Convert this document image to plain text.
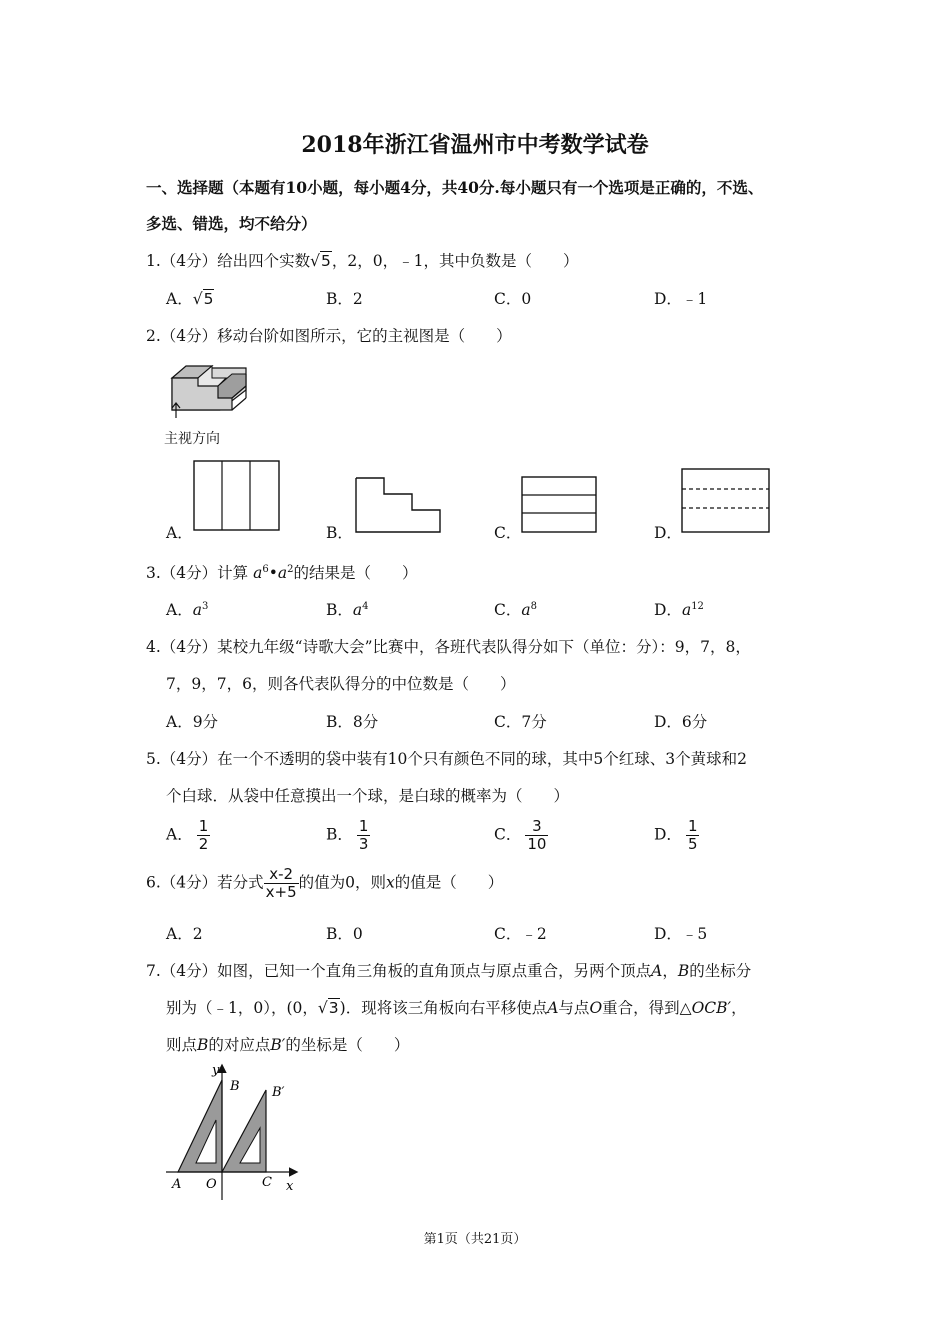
2018年浙江省温州市中考数学试卷
一、选择题（本题有10小题，每小题4分，共40分.每小题只有一个选项是正确的，不选、
多选、错选，均不给分）
1.（4分）给出四个实数√5，2，0，﹣1，其中负数是（　　）
A．√5	B．2	C．0	D．﹣1
2.（4分）移动台阶如图所示，它的主视图是（　　）
主视方向
A．	B．	C．	D．
3.（4分）计算 $a^6•a^2$的结果是（　　）
A．$a^3$	B．$a^4$	C．$a^8$	D．$a^{12}$
4.（4分）某校九年级“诗歌大会”比赛中，各班代表队得分如下（单位：分）：9，7，8，
7，9，7，6，则各代表队得分的中位数是（　　）
A．9分	B．8分	C．7分	D．6分
5.（4分）在一个不透明的袋中装有10个只有颜色不同的球，其中5个红球、3个黄球和2
个白球．从袋中任意摸出一个球，是白球的概率为（　　）
A． $\frac{1}{2}$	B． $\frac{1}{3}$	C． $\frac{3}{10}$	D． $\frac{1}{5}$
6.（4分）若分式 $\frac{x-2}{x+5}$ 的值为0，则x的值是（　　）
A．2	B．0	C．﹣2	D．﹣5
7.（4分）如图，已知一个直角三角板的直角顶点与原点重合，另两个顶点A，B的坐标分
别为（﹣1，0），(0，√3)．现将该三角板向右平移使点A与点O重合，得到△OCB′，
则点B的对应点B′的坐标是（　　）
y
B B′
A O	C x
第1页（共21页）
